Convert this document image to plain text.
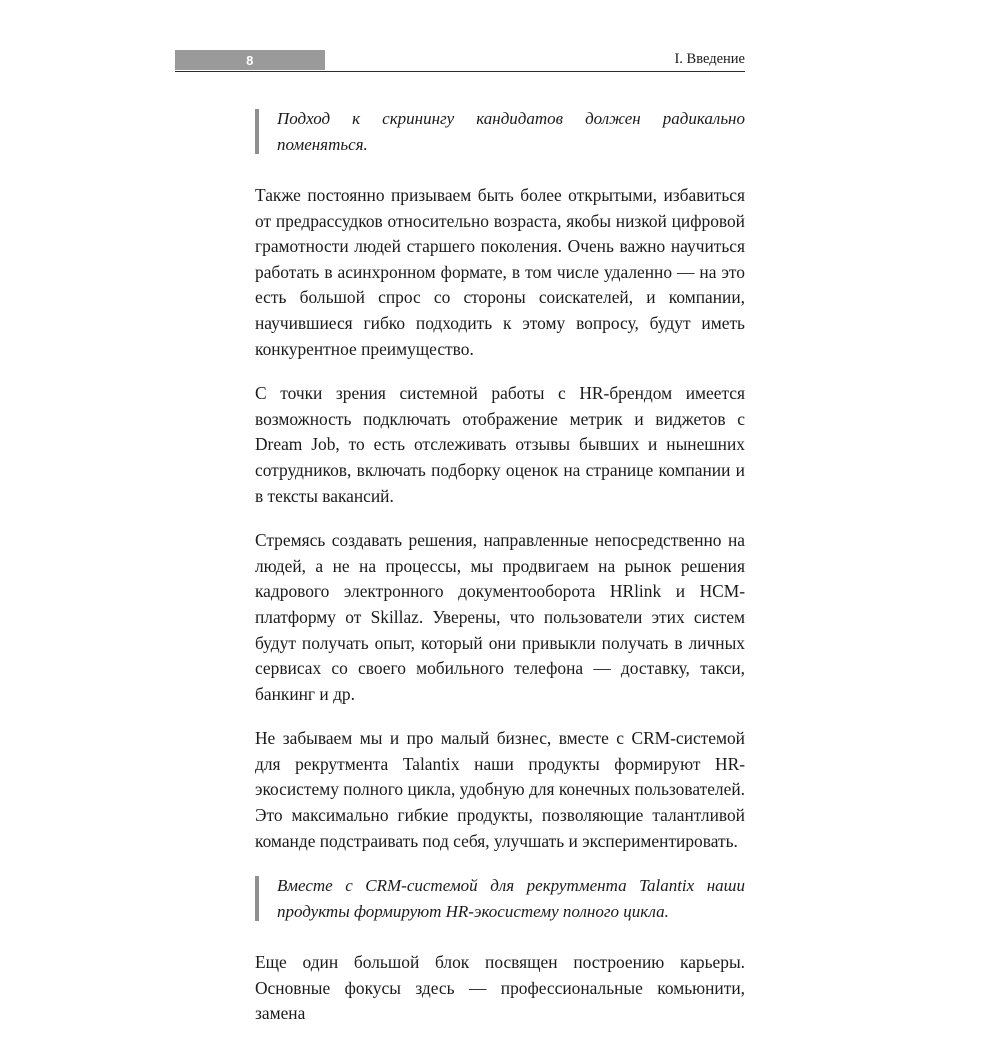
8	I. Введение
Подход к скринингу кандидатов должен радикально поменяться.

Также постоянно призываем быть более открытыми, избавиться от предрассудков относительно возраста, якобы низкой цифровой грамотности людей старшего поколения. Очень важно научиться работать в асинхронном формате, в том числе удаленно — на это есть большой спрос со стороны соискателей, и компании, научившиеся гибко подходить к этому вопросу, будут иметь конкурентное преимущество.

С точки зрения системной работы с HR-брендом имеется возможность подключать отображение метрик и виджетов с Dream Job, то есть отслеживать отзывы бывших и нынешних сотрудников, включать подборку оценок на странице компании и в тексты вакансий.

Стремясь создавать решения, направленные непосредственно на людей, а не на процессы, мы продвигаем на рынок решения кадрового электронного документооборота HRlink и HCM-платформу от Skillaz. Уверены, что пользователи этих систем будут получать опыт, который они привыкли получать в личных сервисах со своего мобильного телефона — доставку, такси, банкинг и др.

Не забываем мы и про малый бизнес, вместе с CRM-системой для рекрутмента Talantix наши продукты формируют HR-экосистему полного цикла, удобную для конечных пользователей. Это максимально гибкие продукты, позволяющие талантливой команде подстраивать под себя, улучшать и экспериментировать.

Вместе с CRM-системой для рекрутмента Talantix наши продукты формируют HR-экосистему полного цикла.

Еще один большой блок посвящен построению карьеры. Основные фокусы здесь — профессиональные комьюнити, замена
